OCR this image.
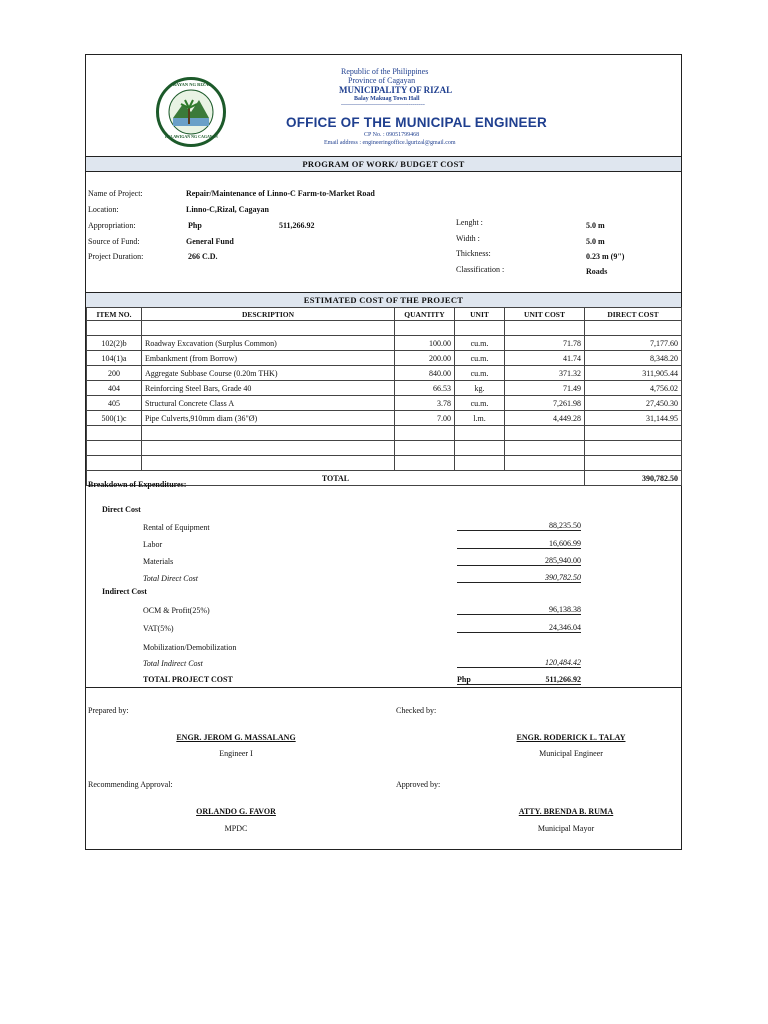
BAYAN NG RIZAL
LALAWIGAN NG CAGAYAN
Republic of the Philippines
Province of Cagayan
MUNICIPALITY OF RIZAL
Balay Makuag Town Hall
------------------------------------------
OFFICE OF THE MUNICIPAL ENGINEER
CP No. : 09051799468
Email address : engineeringoffice.lgurizal@gmail.com
PROGRAM OF WORK/ BUDGET COST
Name of Project:	Repair/Maintenance of Linno-C Farm-to-Market Road
Location:	Linno-C,Rizal, Cagayan
Appropriation:	Php	511,266.92
Source of Fund:	General Fund
Project Duration:	266 C.D.
Lenght :	5.0 m
Width :	5.0 m
Thickness:	0.23 m (9")
Classification :	Roads
ESTIMATED COST OF THE PROJECT
ITEM NO.	DESCRIPTION	QUANTITY	UNIT	UNIT COST	DIRECT COST

102(2)b	Roadway Excavation (Surplus Common)	100.00	cu.m.	71.78	7,177.60
104(1)a	Embankment (from Borrow)	200.00	cu.m.	41.74	8,348.20
200	Aggregate Subbase Course (0.20m THK)	840.00	cu.m.	371.32	311,905.44
404	Reinforcing Steel Bars, Grade 40	66.53	kg.	71.49	4,756.02
405	Structural Concrete Class A	3.78	cu.m.	7,261.98	27,450.30
500(1)c	Pipe Culverts,910mm diam (36"Ø)	7.00	l.m.	4,449.28	31,144.95

TOTAL					390,782.50
Breakdown of Expenditures:
Direct Cost
Rental of Equipment	88,235.50
Labor	16,606.99
Materials	285,940.00
Total Direct Cost	390,782.50
Indirect Cost
OCM & Profit(25%)	96,138.38
VAT(5%)	24,346.04
Mobilization/Demobilization
Total Indirect Cost	120,484.42
TOTAL PROJECT COST	Php	511,266.92
Prepared by:	Checked by:
ENGR. JEROM G. MASSALANG
Engineer I
ENGR. RODERICK L. TALAY
Municipal Engineer
Recommending Approval:	Approved by:
ORLANDO G. FAVOR
MPDC
ATTY. BRENDA B. RUMA
Municipal Mayor
